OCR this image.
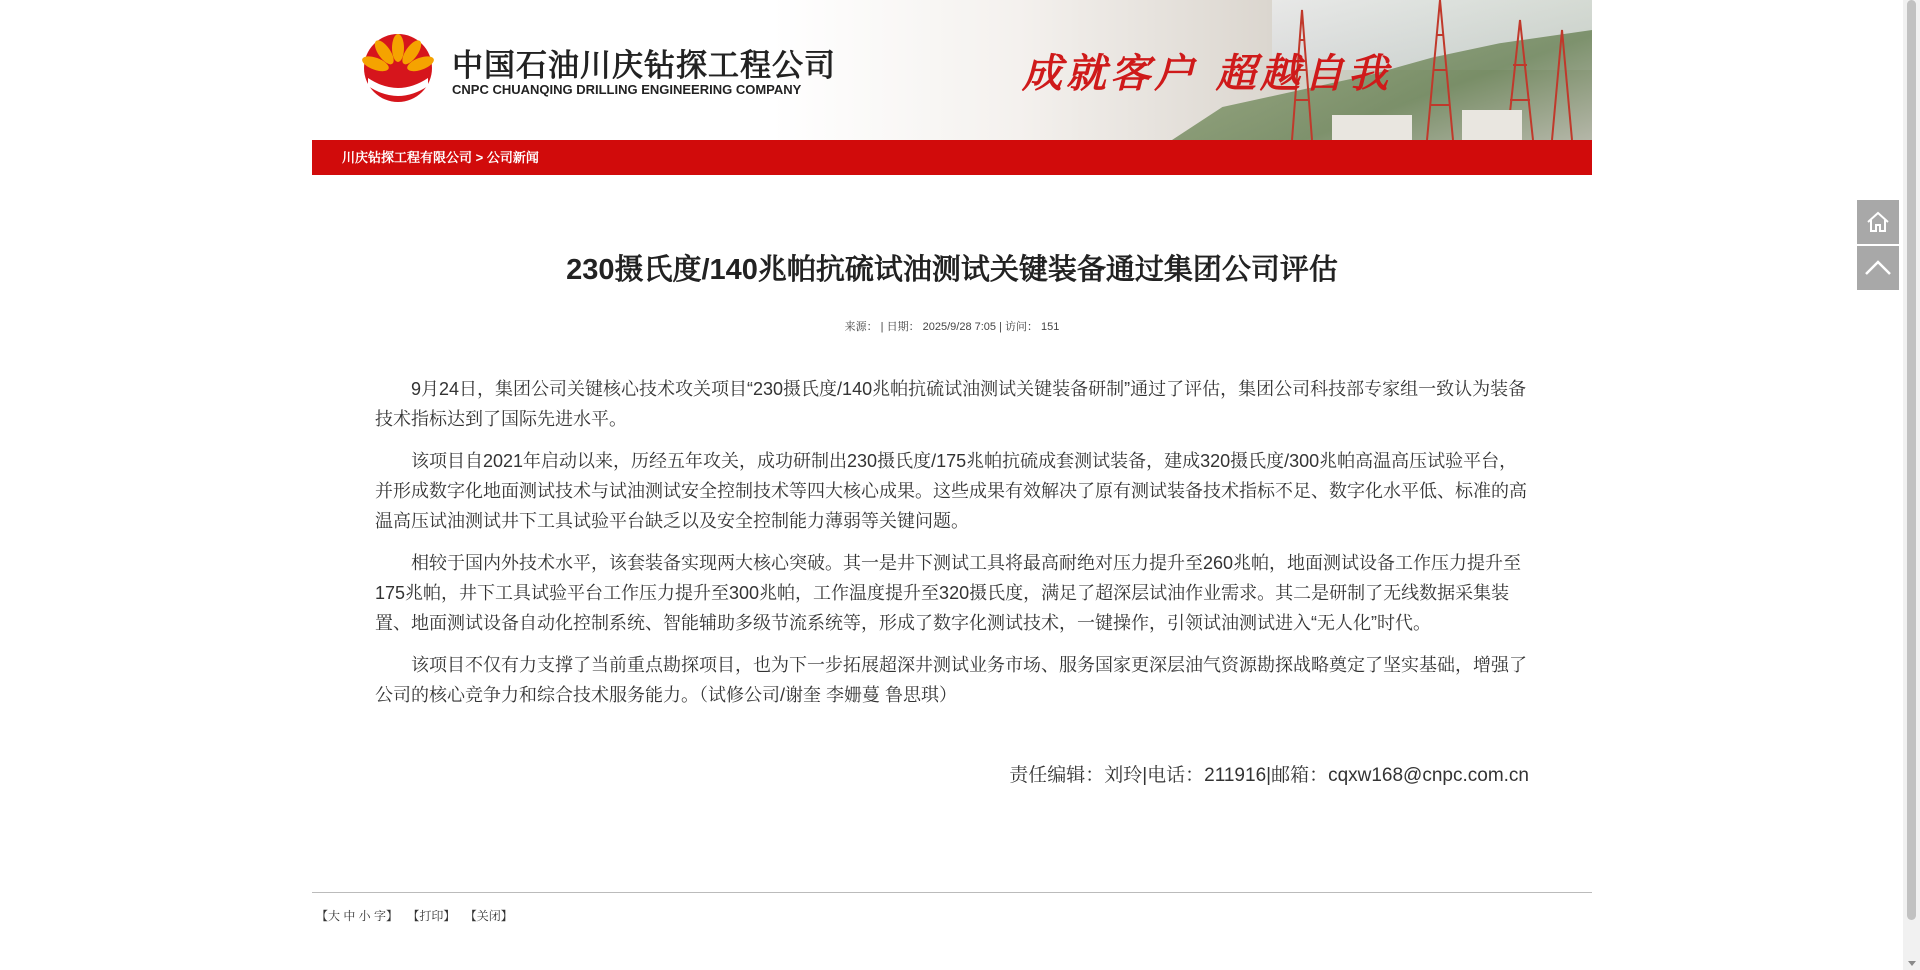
中国石油川庆钻探工程公司
CNPC CHUANQING DRILLING ENGINEERING COMPANY	成就客户 超越自我
川庆钻探工程有限公司 > 公司新闻
230摄氏度/140兆帕抗硫试油测试关键装备通过集团公司评估
来源： | 日期： 2025/9/28 7:05 | 访问： 151

9月24日，集团公司关键核心技术攻关项目“230摄氏度/140兆帕抗硫试油测试关键装备研制”通过了评估，集团公司科技部专家组一致认为装备技术指标达到了国际先进水平。

该项目自2021年启动以来，历经五年攻关，成功研制出230摄氏度/175兆帕抗硫成套测试装备，建成320摄氏度/300兆帕高温高压试验平台，并形成数字化地面测试技术与试油测试安全控制技术等四大核心成果。这些成果有效解决了原有测试装备技术指标不足、数字化水平低、标准的高温高压试油测试井下工具试验平台缺乏以及安全控制能力薄弱等关键问题。

相较于国内外技术水平，该套装备实现两大核心突破。其一是井下测试工具将最高耐绝对压力提升至260兆帕，地面测试设备工作压力提升至175兆帕，井下工具试验平台工作压力提升至300兆帕，工作温度提升至320摄氏度，满足了超深层试油作业需求。其二是研制了无线数据采集装置、地面测试设备自动化控制系统、智能辅助多级节流系统等，形成了数字化测试技术，一键操作，引领试油测试进入“无人化”时代。

该项目不仅有力支撑了当前重点勘探项目，也为下一步拓展超深井测试业务市场、服务国家更深层油气资源勘探战略奠定了坚实基础，增强了公司的核心竞争力和综合技术服务能力。（试修公司/谢奎 李姗蔓 鲁思琪）

责任编辑：刘玲|电话：211916|邮箱：cqxw168@cnpc.com.cn
【大 中 小 字】 【打印】 【关闭】
